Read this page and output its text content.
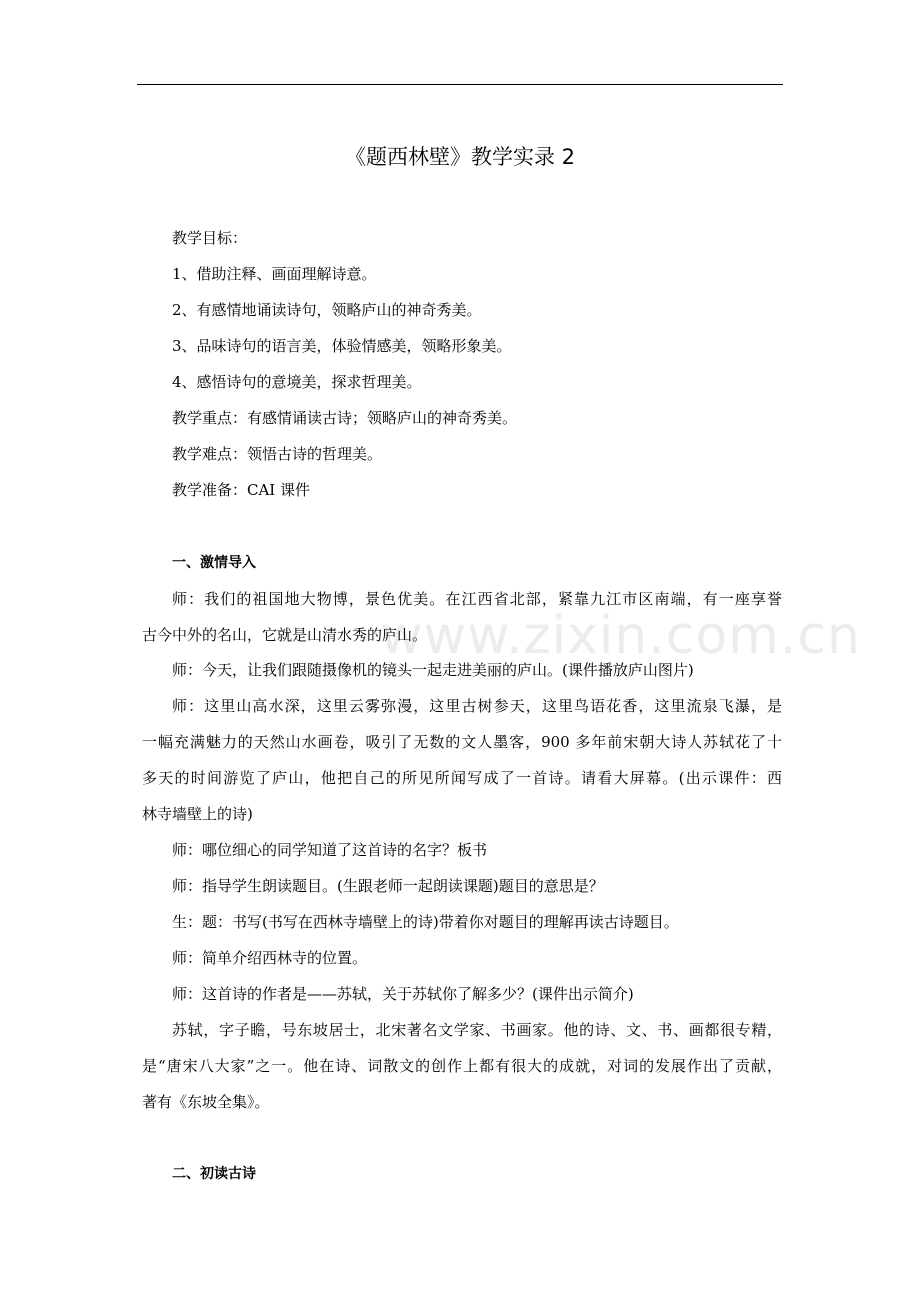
www.zixin.com.cn
《题西林壁》教学实录 2
教学目标：
1、借助注释、画面理解诗意。
2、有感情地诵读诗句，领略庐山的神奇秀美。
3、品味诗句的语言美，体验情感美，领略形象美。
4、感悟诗句的意境美，探求哲理美。
教学重点：有感情诵读古诗；领略庐山的神奇秀美。
教学难点：领悟古诗的哲理美。
教学准备：CAI 课件
一、激情导入
师：我们的祖国地大物博，景色优美。在江西省北部，紧靠九江市区南端，有一座享誉
古今中外的名山，它就是山清水秀的庐山。
师：今天，让我们跟随摄像机的镜头一起走进美丽的庐山。(课件播放庐山图片)
师：这里山高水深，这里云雾弥漫，这里古树参天，这里鸟语花香，这里流泉飞瀑，是
一幅充满魅力的天然山水画卷，吸引了无数的文人墨客，900 多年前宋朝大诗人苏轼花了十
多天的时间游览了庐山，他把自己的所见所闻写成了一首诗。请看大屏幕。(出示课件：西
林寺墙壁上的诗)
师：哪位细心的同学知道了这首诗的名字？板书
师：指导学生朗读题目。(生跟老师一起朗读课题)题目的意思是？
生：题：书写(书写在西林寺墙壁上的诗)带着你对题目的理解再读古诗题目。
师：简单介绍西林寺的位置。
师：这首诗的作者是——苏轼，关于苏轼你了解多少？(课件出示简介)
苏轼，字子瞻，号东坡居士，北宋著名文学家、书画家。他的诗、文、书、画都很专精，
是“唐宋八大家”之一。他在诗、词散文的创作上都有很大的成就，对词的发展作出了贡献，
著有《东坡全集》。
二、初读古诗
